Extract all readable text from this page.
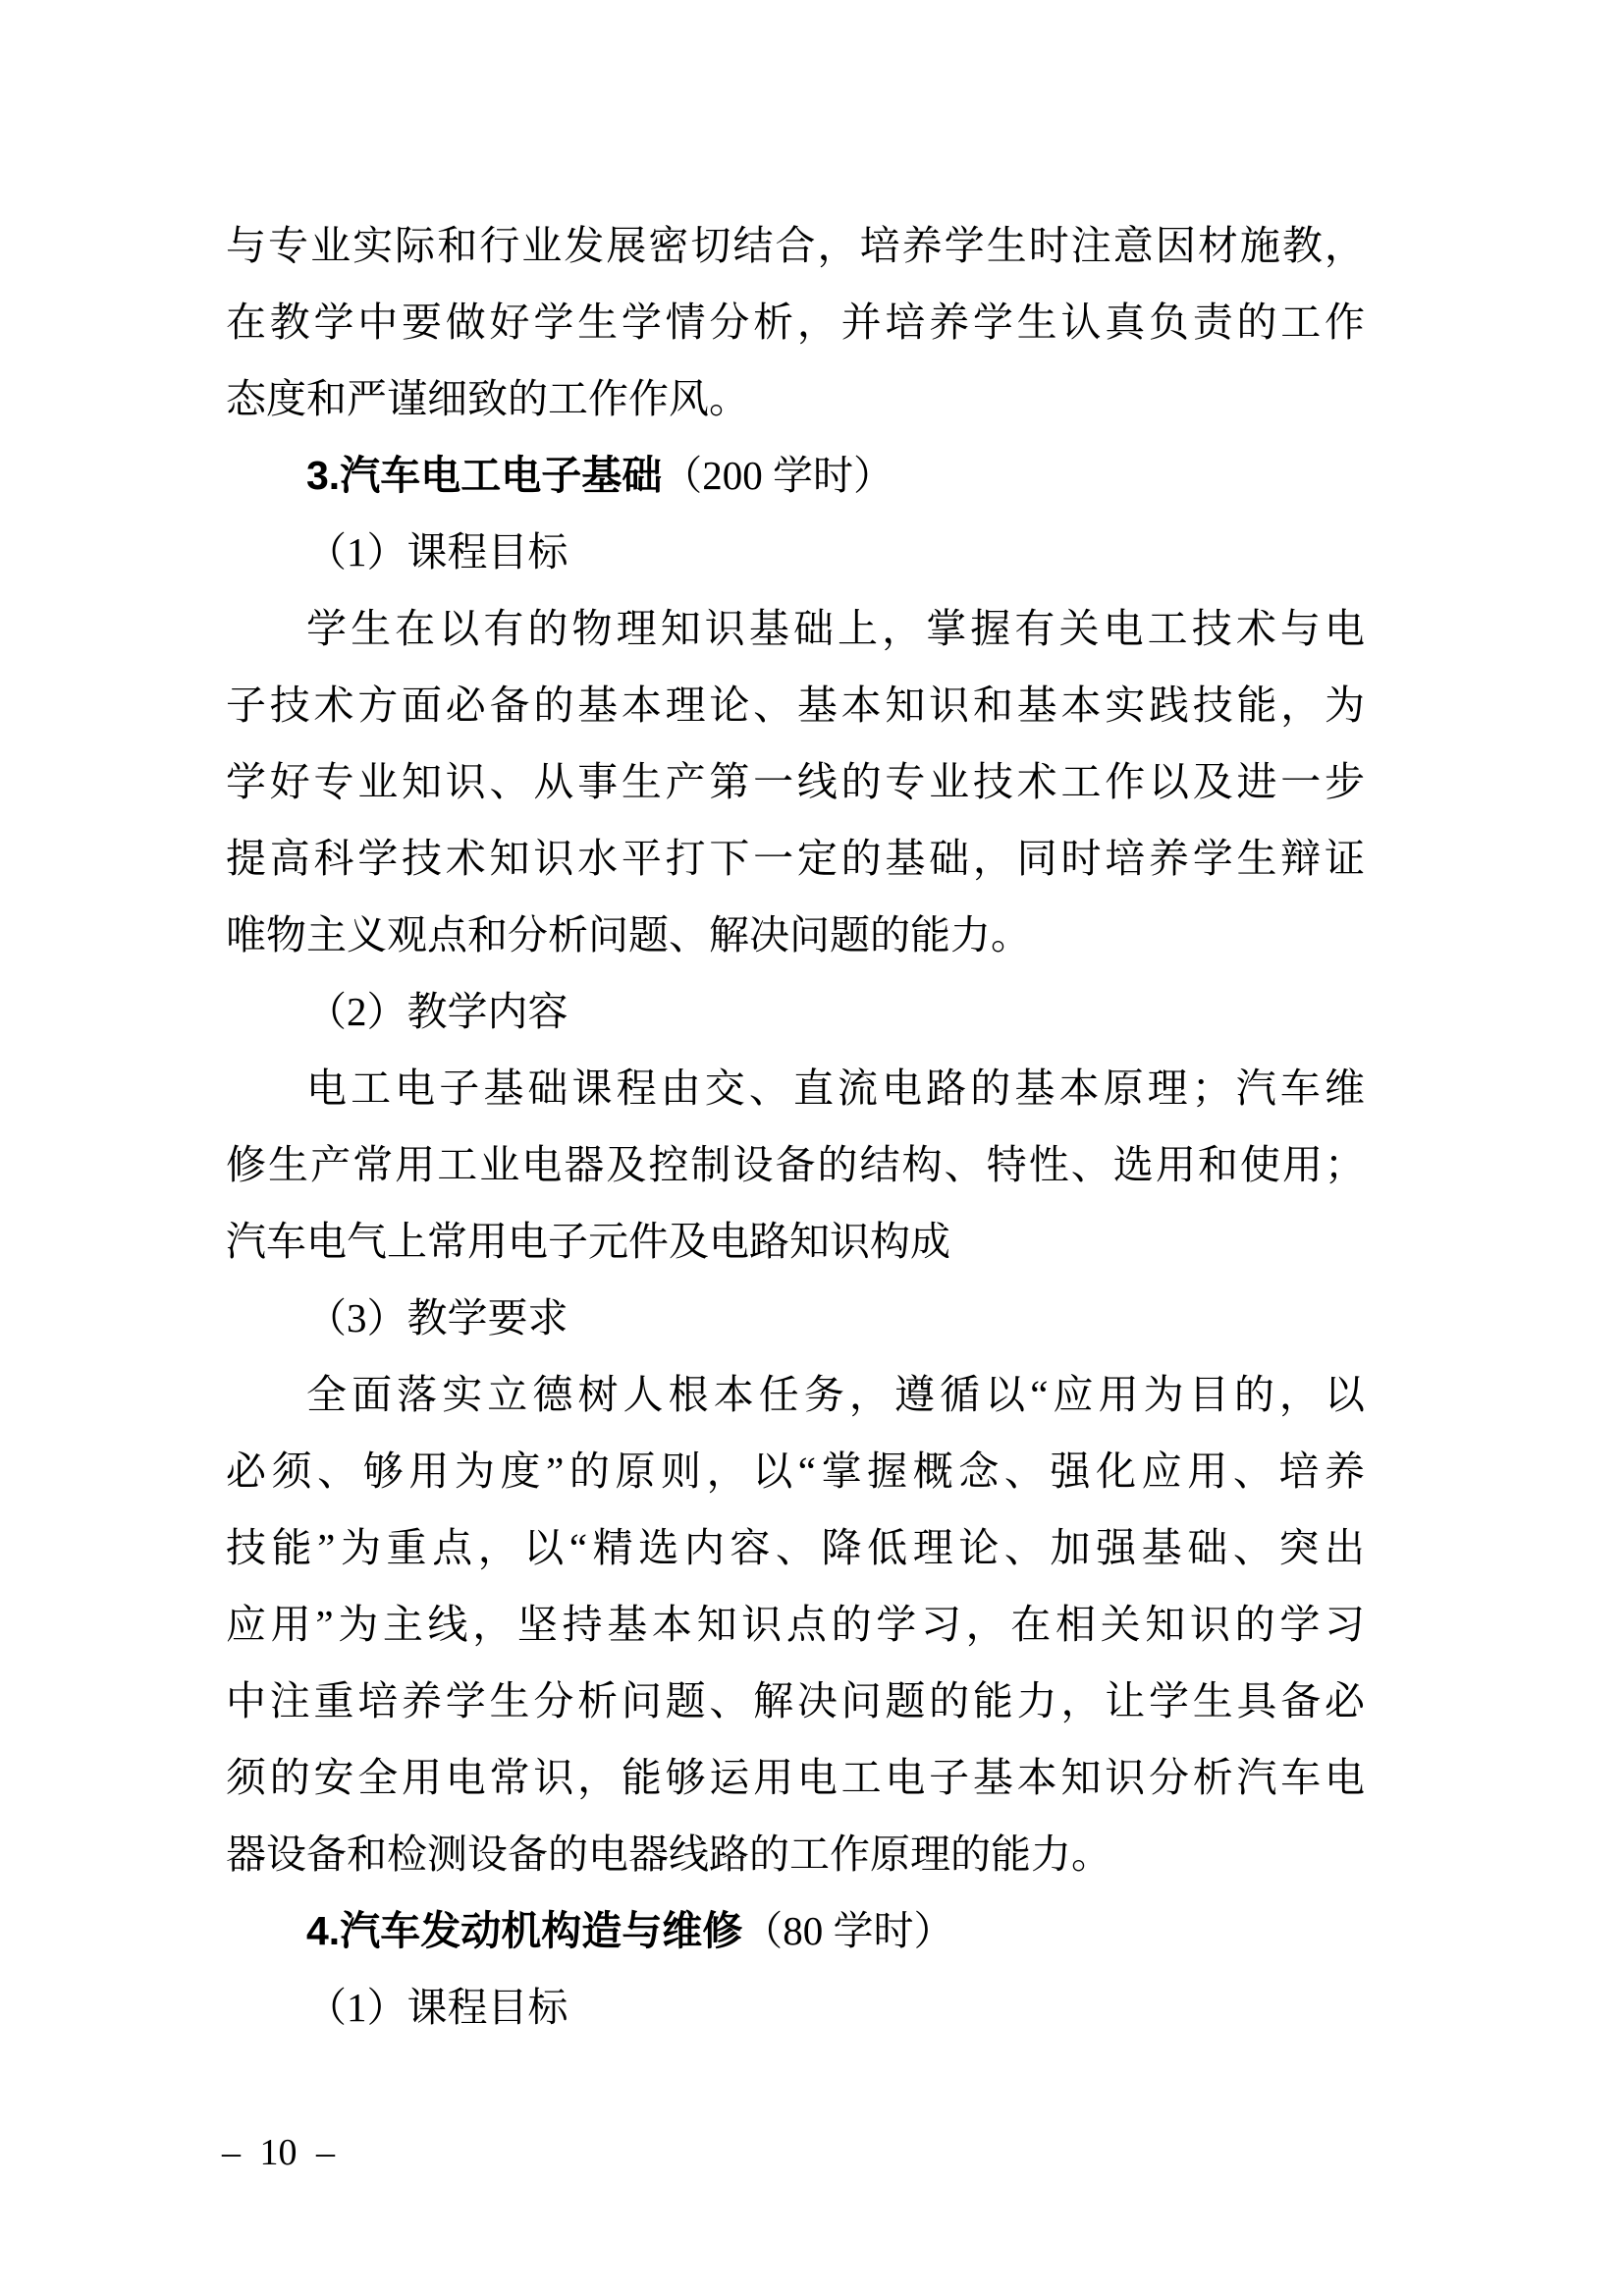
与专业实际和行业发展密切结合，培养学生时注意因材施教，
在教学中要做好学生学情分析，并培养学生认真负责的工作
态度和严谨细致的工作作风。
3.汽车电工电子基础（200 学时）
（1）课程目标
学生在以有的物理知识基础上，掌握有关电工技术与电
子技术方面必备的基本理论、基本知识和基本实践技能，为
学好专业知识、从事生产第一线的专业技术工作以及进一步
提高科学技术知识水平打下一定的基础，同时培养学生辩证
唯物主义观点和分析问题、解决问题的能力。
（2）教学内容
电工电子基础课程由交、直流电路的基本原理；汽车维
修生产常用工业电器及控制设备的结构、特性、选用和使用；
汽车电气上常用电子元件及电路知识构成
（3）教学要求
全面落实立德树人根本任务，遵循以“应用为目的，以
必须、够用为度”的原则，以“掌握概念、强化应用、培养
技能”为重点，以“精选内容、降低理论、加强基础、突出
应用”为主线，坚持基本知识点的学习，在相关知识的学习
中注重培养学生分析问题、解决问题的能力，让学生具备必
须的安全用电常识，能够运用电工电子基本知识分析汽车电
器设备和检测设备的电器线路的工作原理的能力。
4.汽车发动机构造与维修（80 学时）
（1）课程目标
– 10 –
